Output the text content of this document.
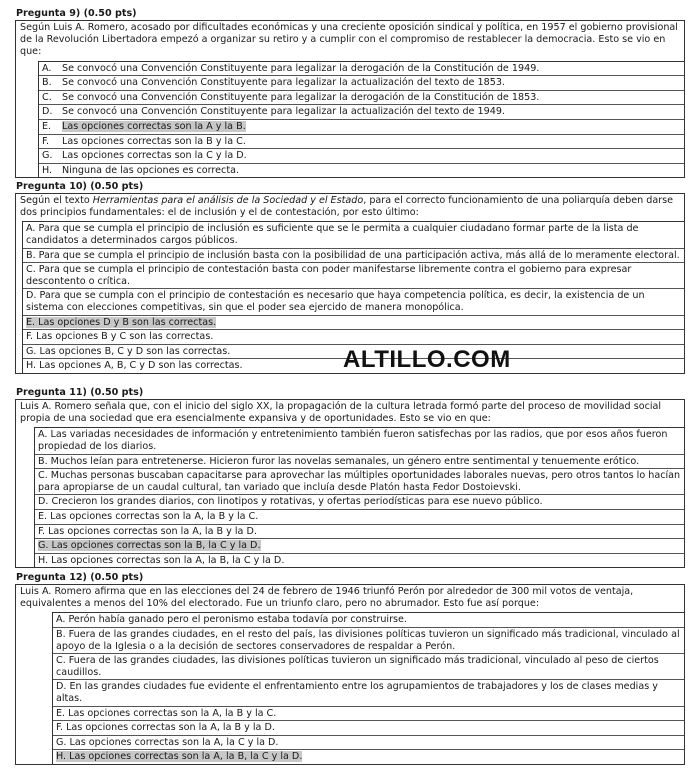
Pregunta 9) (0.50 pts)
Según Luis A. Romero, acosado por dificultades económicas y una creciente oposición sindical y política, en 1957 el gobierno provisional de la Revolución Libertadora empezó a organizar su retiro y a cumplir con el compromiso de restablecer la democracia. Esto se vio en que:
A. Se convocó una Convención Constituyente para legalizar la derogación de la Constitución de 1949.
B. Se convocó una Convención Constituyente para legalizar la actualización del texto de 1853.
C. Se convocó una Convención Constituyente para legalizar la derogación de la Constitución de 1853.
D. Se convocó una Convención Constituyente para legalizar la actualización del texto de 1949.
E. Las opciones correctas son la A y la B.
F. Las opciones correctas son la B y la C.
G. Las opciones correctas son la C y la D.
H. Ninguna de las opciones es correcta.
Pregunta 10) (0.50 pts)
Según el texto Herramientas para el análisis de la Sociedad y el Estado, para el correcto funcionamiento de una poliarquía deben darse dos principios fundamentales: el de inclusión y el de contestación, por esto último:
A. Para que se cumpla el principio de inclusión es suficiente que se le permita a cualquier ciudadano formar parte de la lista de candidatos a determinados cargos públicos.
B. Para que se cumpla el principio de inclusión basta con la posibilidad de una participación activa, más allá de lo meramente electoral.
C. Para que se cumpla el principio de contestación basta con poder manifestarse libremente contra el gobierno para expresar descontento o crítica.
D. Para que se cumpla con el principio de contestación es necesario que haya competencia política, es decir, la existencia de un sistema con elecciones competitivas, sin que el poder sea ejercido de manera monopólica.
E. Las opciones D y B son las correctas.
F. Las opciones B y C son las correctas.
G. Las opciones B, C y D son las correctas.
H. Las opciones A, B, C y D son las correctas.
Pregunta 11) (0.50 pts)
Luis A. Romero señala que, con el inicio del siglo XX, la propagación de la cultura letrada formó parte del proceso de movilidad social propia de una sociedad que era esencialmente expansiva y de oportunidades. Esto se vio en que:
A. Las variadas necesidades de información y entretenimiento también fueron satisfechas por las radios, que por esos años fueron propiedad de los diarios.
B. Muchos leían para entretenerse. Hicieron furor las novelas semanales, un género entre sentimental y tenuemente erótico.
C. Muchas personas buscaban capacitarse para aprovechar las múltiples oportunidades laborales nuevas, pero otros tantos lo hacían para apropiarse de un caudal cultural, tan variado que incluía desde Platón hasta Fedor Dostoievski.
D. Crecieron los grandes diarios, con linotipos y rotativas, y ofertas periodísticas para ese nuevo público.
E. Las opciones correctas son la A, la B y la C.
F. Las opciones correctas son la A, la B y la D.
G. Las opciones correctas son la B, la C y la D.
H. Las opciones correctas son la A, la B, la C y la D.
Pregunta 12) (0.50 pts)
Luis A. Romero afirma que en las elecciones del 24 de febrero de 1946 triunfó Perón por alrededor de 300 mil votos de ventaja, equivalentes a menos del 10% del electorado. Fue un triunfo claro, pero no abrumador. Esto fue así porque:
A. Perón había ganado pero el peronismo estaba todavía por construirse.
B. Fuera de las grandes ciudades, en el resto del país, las divisiones políticas tuvieron un significado más tradicional, vinculado al apoyo de la Iglesia o a la decisión de sectores conservadores de respaldar a Perón.
C. Fuera de las grandes ciudades, las divisiones políticas tuvieron un significado más tradicional, vinculado al peso de ciertos caudillos.
D. En las grandes ciudades fue evidente el enfrentamiento entre los agrupamientos de trabajadores y los de clases medias y altas.
E. Las opciones correctas son la A, la B y la C.
F. Las opciones correctas son la A, la B y la D.
G. Las opciones correctas son la A, la C y la D.
H. Las opciones correctas son la A, la B, la C y la D.
ALTILLO.COM
